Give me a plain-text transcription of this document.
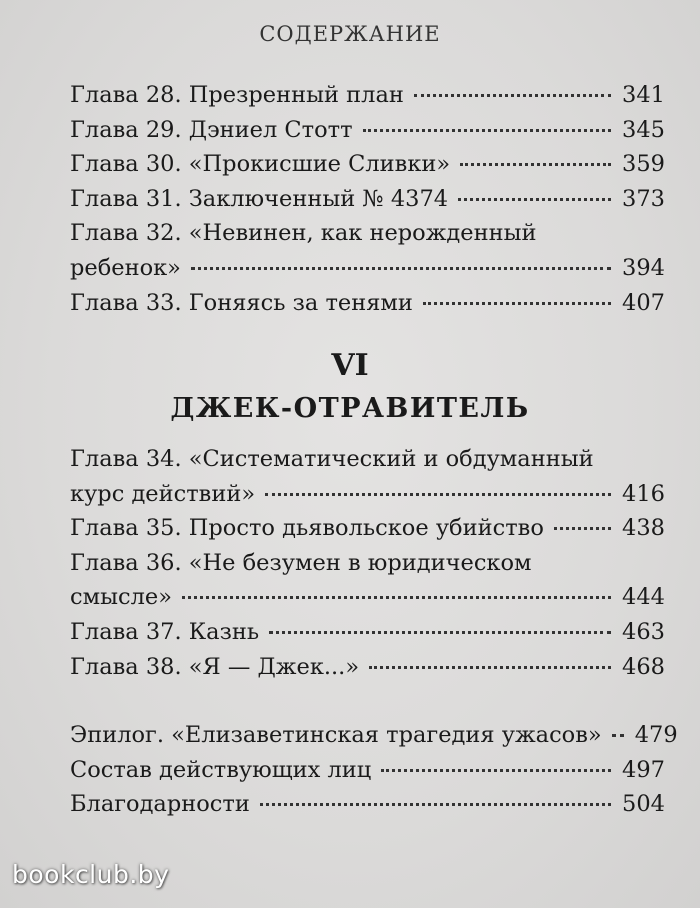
СОДЕРЖАНИЕ
Глава 28. Презренный план	341
Глава 29. Дэниел Стотт	345
Глава 30. «Прокисшие Сливки»	359
Глава 31. Заключенный № 4374	373
Глава 32. «Невинен, как нерожденный
ребенок»	394
Глава 33. Гоняясь за тенями	407
VI
ДЖЕК-ОТРАВИТЕЛЬ
Глава 34. «Систематический и обдуманный
курс действий»	416
Глава 35. Просто дьявольское убийство	438
Глава 36. «Не безумен в юридическом
смысле»	444
Глава 37. Казнь	463
Глава 38. «Я — Джек...»	468
Эпилог. «Елизаветинская трагедия ужасов» 479
Состав действующих лиц	497
Благодарности	504
bookclub.by
